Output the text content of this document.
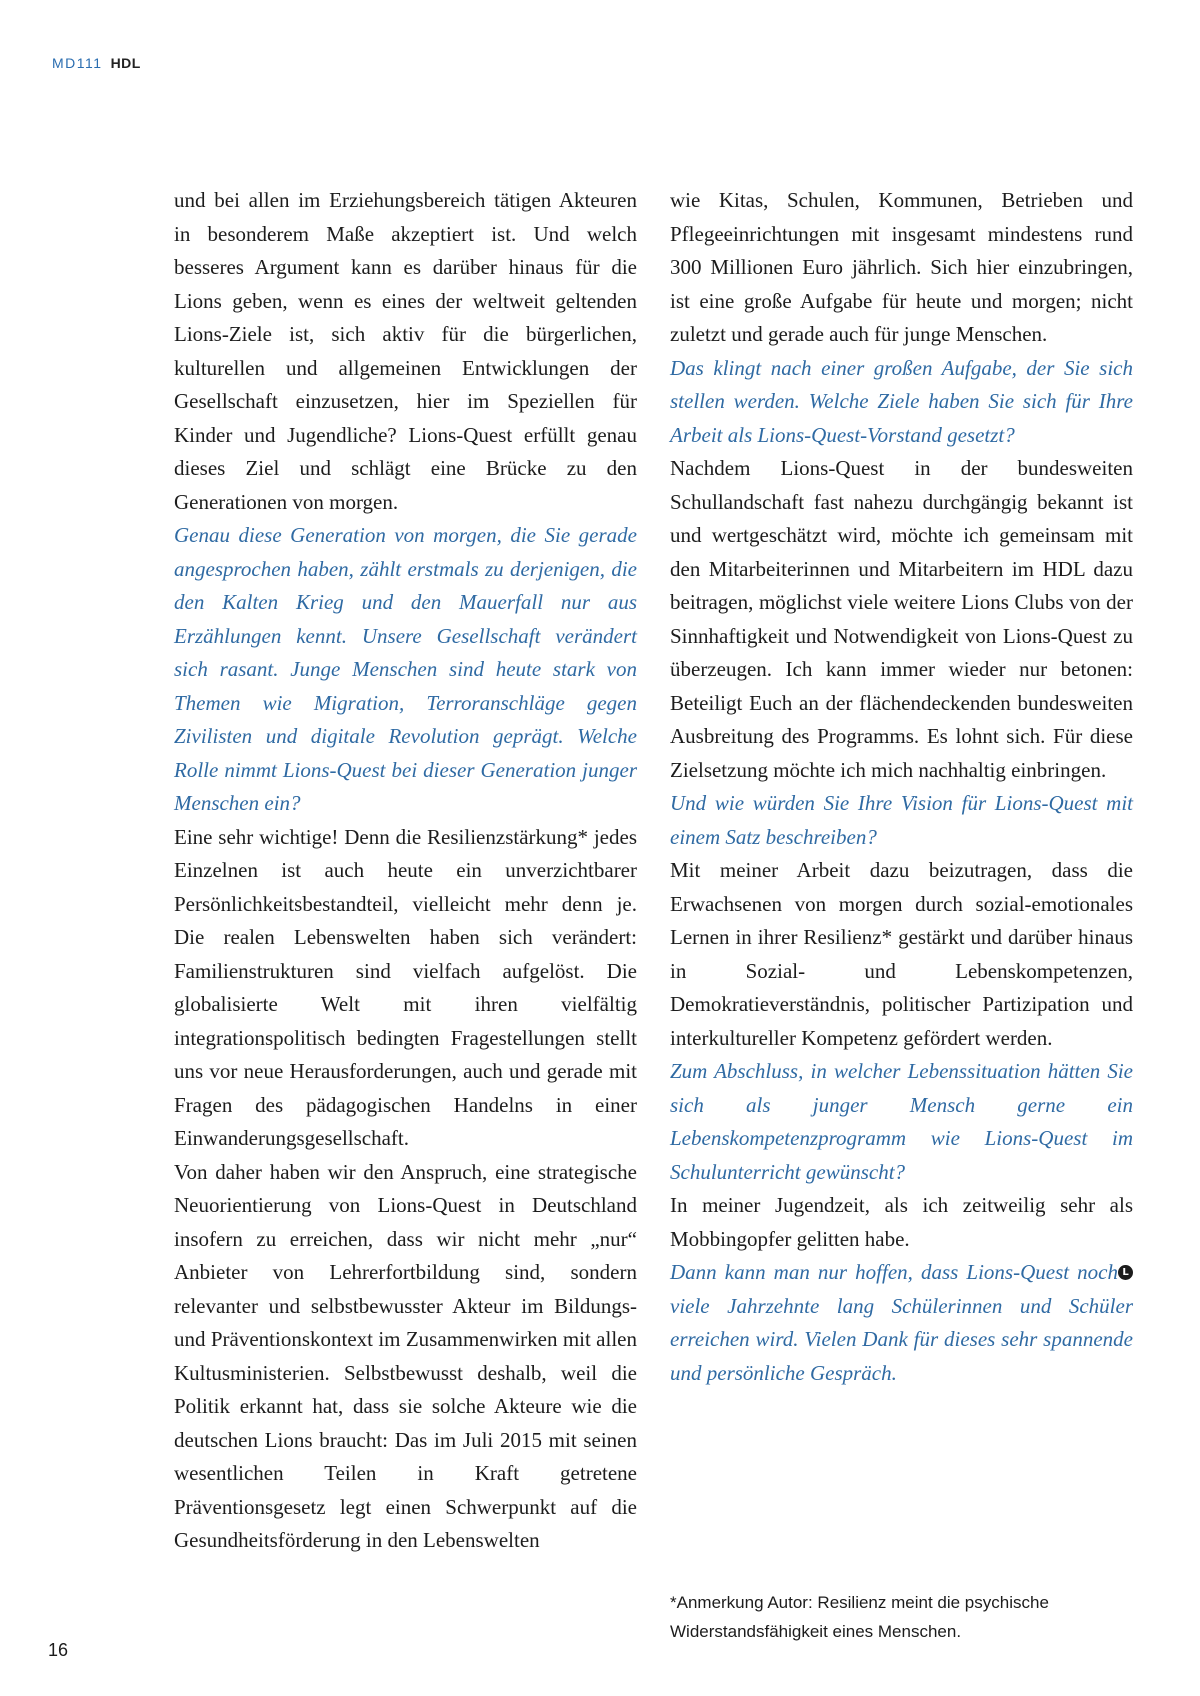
MD111 HDL

und bei allen im Erziehungsbereich tätigen Akteuren in besonderem Maße akzeptiert ist. Und welch besseres Argument kann es darüber hinaus für die Lions geben, wenn es eines der weltweit geltenden Lions-Ziele ist, sich aktiv für die bürgerlichen, kulturellen und allgemeinen Entwicklungen der Gesellschaft einzusetzen, hier im Speziellen für Kinder und Jugendliche? Lions-Quest erfüllt genau dieses Ziel und schlägt eine Brücke zu den Generationen von morgen.

Genau diese Generation von morgen, die Sie gerade angesprochen haben, zählt erstmals zu derjenigen, die den Kalten Krieg und den Mauerfall nur aus Erzählungen kennt. Unsere Gesellschaft verändert sich rasant. Junge Menschen sind heute stark von Themen wie Migration, Terroranschläge gegen Zivilisten und digitale Revolution geprägt. Welche Rolle nimmt Lions-Quest bei dieser Generation junger Menschen ein?

Eine sehr wichtige! Denn die Resilienzstärkung* jedes Einzelnen ist auch heute ein unverzichtbarer Persönlichkeitsbestandteil, vielleicht mehr denn je. Die realen Lebenswelten haben sich verändert: Familienstrukturen sind vielfach aufgelöst. Die globalisierte Welt mit ihren vielfältig integrationspolitisch bedingten Fragestellungen stellt uns vor neue Herausforderungen, auch und gerade mit Fragen des pädagogischen Handelns in einer Einwanderungsgesellschaft.

Von daher haben wir den Anspruch, eine strategische Neuorientierung von Lions-Quest in Deutschland insofern zu erreichen, dass wir nicht mehr „nur“ Anbieter von Lehrerfortbildung sind, sondern relevanter und selbstbewusster Akteur im Bildungs- und Präventionskontext im Zusammenwirken mit allen Kultusministerien. Selbstbewusst deshalb, weil die Politik erkannt hat, dass sie solche Akteure wie die deutschen Lions braucht: Das im Juli 2015 mit seinen wesentlichen Teilen in Kraft getretene Präventionsgesetz legt einen Schwerpunkt auf die Gesundheitsförderung in den Lebenswelten

wie Kitas, Schulen, Kommunen, Betrieben und Pflegeeinrichtungen mit insgesamt mindestens rund 300 Millionen Euro jährlich. Sich hier einzubringen, ist eine große Aufgabe für heute und morgen; nicht zuletzt und gerade auch für junge Menschen.

Das klingt nach einer großen Aufgabe, der Sie sich stellen werden. Welche Ziele haben Sie sich für Ihre Arbeit als Lions-Quest-Vorstand gesetzt?

Nachdem Lions-Quest in der bundesweiten Schullandschaft fast nahezu durchgängig bekannt ist und wertgeschätzt wird, möchte ich gemeinsam mit den Mitarbeiterinnen und Mitarbeitern im HDL dazu beitragen, möglichst viele weitere Lions Clubs von der Sinnhaftigkeit und Notwendigkeit von Lions-Quest zu überzeugen. Ich kann immer wieder nur betonen: Beteiligt Euch an der flächendeckenden bundesweiten Ausbreitung des Programms. Es lohnt sich. Für diese Zielsetzung möchte ich mich nachhaltig einbringen.

Und wie würden Sie Ihre Vision für Lions-Quest mit einem Satz beschreiben?

Mit meiner Arbeit dazu beizutragen, dass die Erwachsenen von morgen durch sozial-emotionales Lernen in ihrer Resilienz* gestärkt und darüber hinaus in Sozial- und Lebenskompetenzen, Demokratieverständnis, politischer Partizipation und interkultureller Kompetenz gefördert werden.

Zum Abschluss, in welcher Lebenssituation hätten Sie sich als junger Mensch gerne ein Lebenskompetenzprogramm wie Lions-Quest im Schulunterricht gewünscht?

In meiner Jugendzeit, als ich zeitweilig sehr als Mobbingopfer gelitten habe.

L
Dann kann man nur hoffen, dass Lions-Quest noch viele Jahrzehnte lang Schülerinnen und Schüler erreichen wird. Vielen Dank für dieses sehr spannende und persönliche Gespräch.

*Anmerkung Autor: Resilienz meint die psychische Widerstandsfähigkeit eines Menschen.
16
